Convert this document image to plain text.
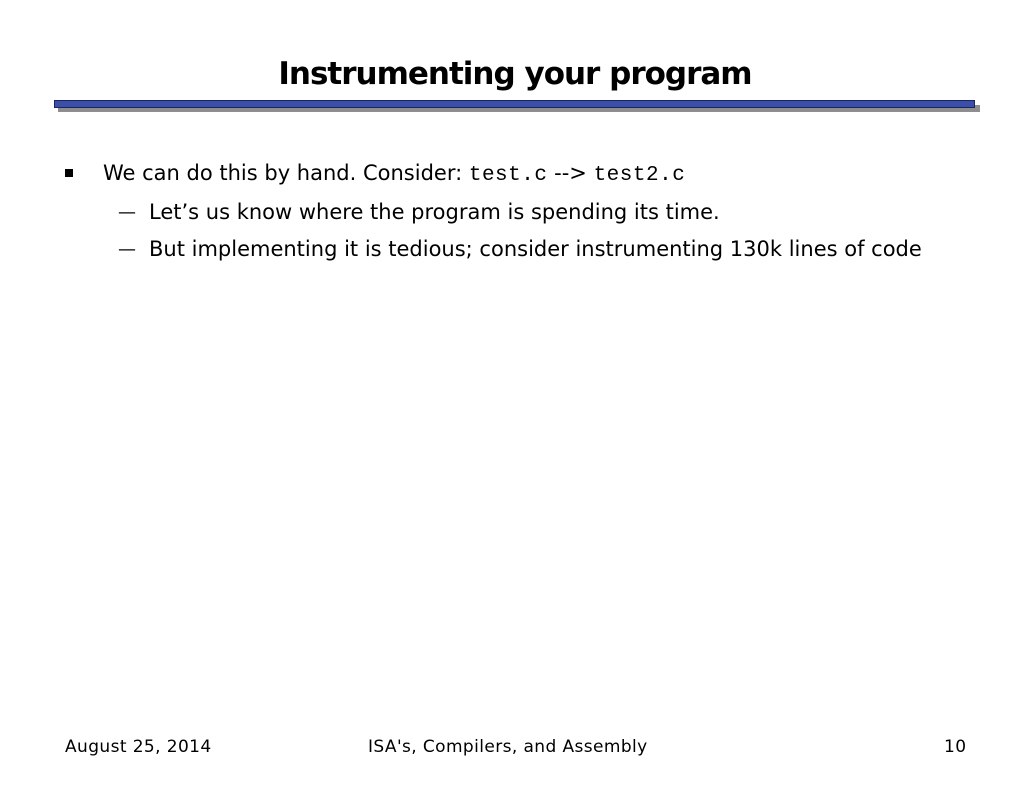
Instrumenting your program
We can do this by hand. Consider: test.c --> test2.c
— Let’s us know where the program is spending its time.
— But implementing it is tedious; consider instrumenting 130k lines of code
August 25, 2014	ISA's, Compilers, and Assembly	10
